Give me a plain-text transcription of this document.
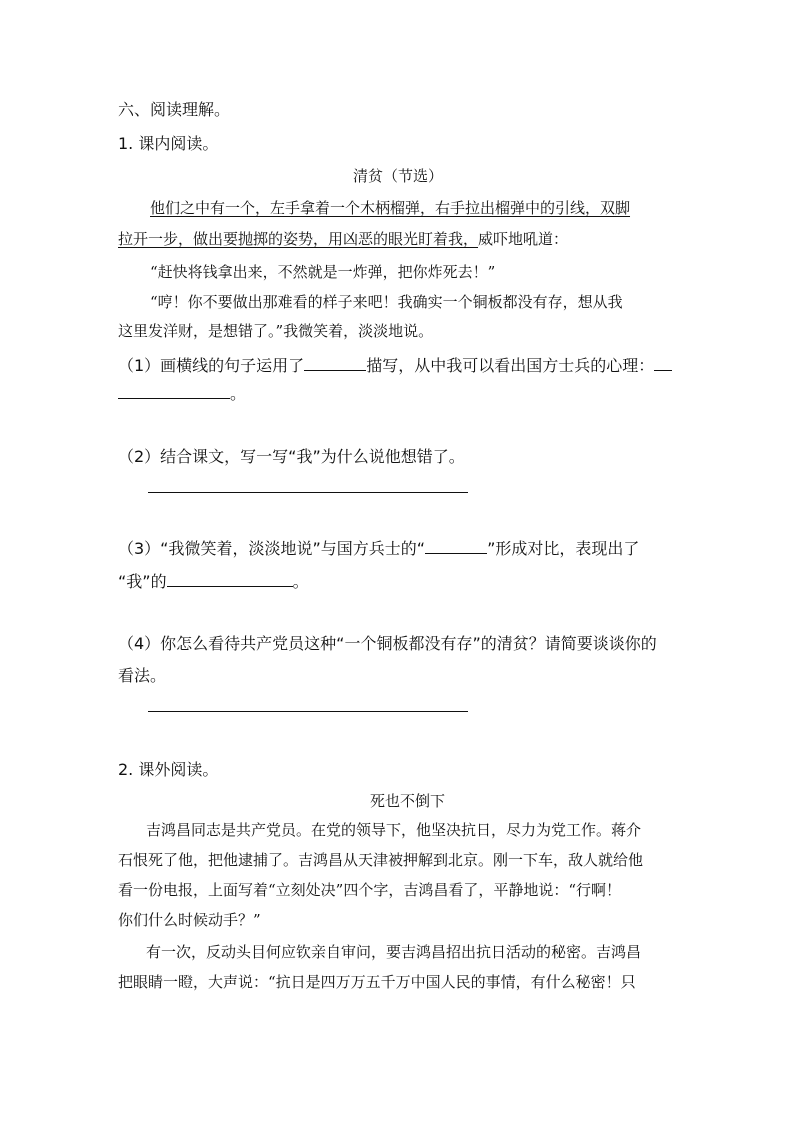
六、阅读理解。
1. 课内阅读。
清贫（节选）
他们之中有一个，左手拿着一个木柄榴弹，右手拉出榴弹中的引线，双脚
拉开一步，做出要抛掷的姿势，用凶恶的眼光盯着我，威吓地吼道：
“赶快将钱拿出来，不然就是一炸弹，把你炸死去！”
“哼！你不要做出那难看的样子来吧！我确实一个铜板都没有存，想从我
这里发洋财，是想错了。”我微笑着，淡淡地说。
（1）画横线的句子运用了	描写，从中我可以看出国方士兵的心理：
。
（2）结合课文，写一写“我”为什么说他想错了。
（3）“我微笑着，淡淡地说”与国方兵士的“	”形成对比，表现出了
“我”的	。
（4）你怎么看待共产党员这种“一个铜板都没有存”的清贫？请简要谈谈你的
看法。
2. 课外阅读。
死也不倒下
吉鸿昌同志是共产党员。在党的领导下，他坚决抗日，尽力为党工作。蒋介
石恨死了他，把他逮捕了。吉鸿昌从天津被押解到北京。刚一下车，敌人就给他
看一份电报，上面写着“立刻处决”四个字，吉鸿昌看了，平静地说：“行啊！
你们什么时候动手？”
有一次，反动头目何应钦亲自审问，要吉鸿昌招出抗日活动的秘密。吉鸿昌
把眼睛一瞪，大声说：“抗日是四万万五千万中国人民的事情，有什么秘密！只
